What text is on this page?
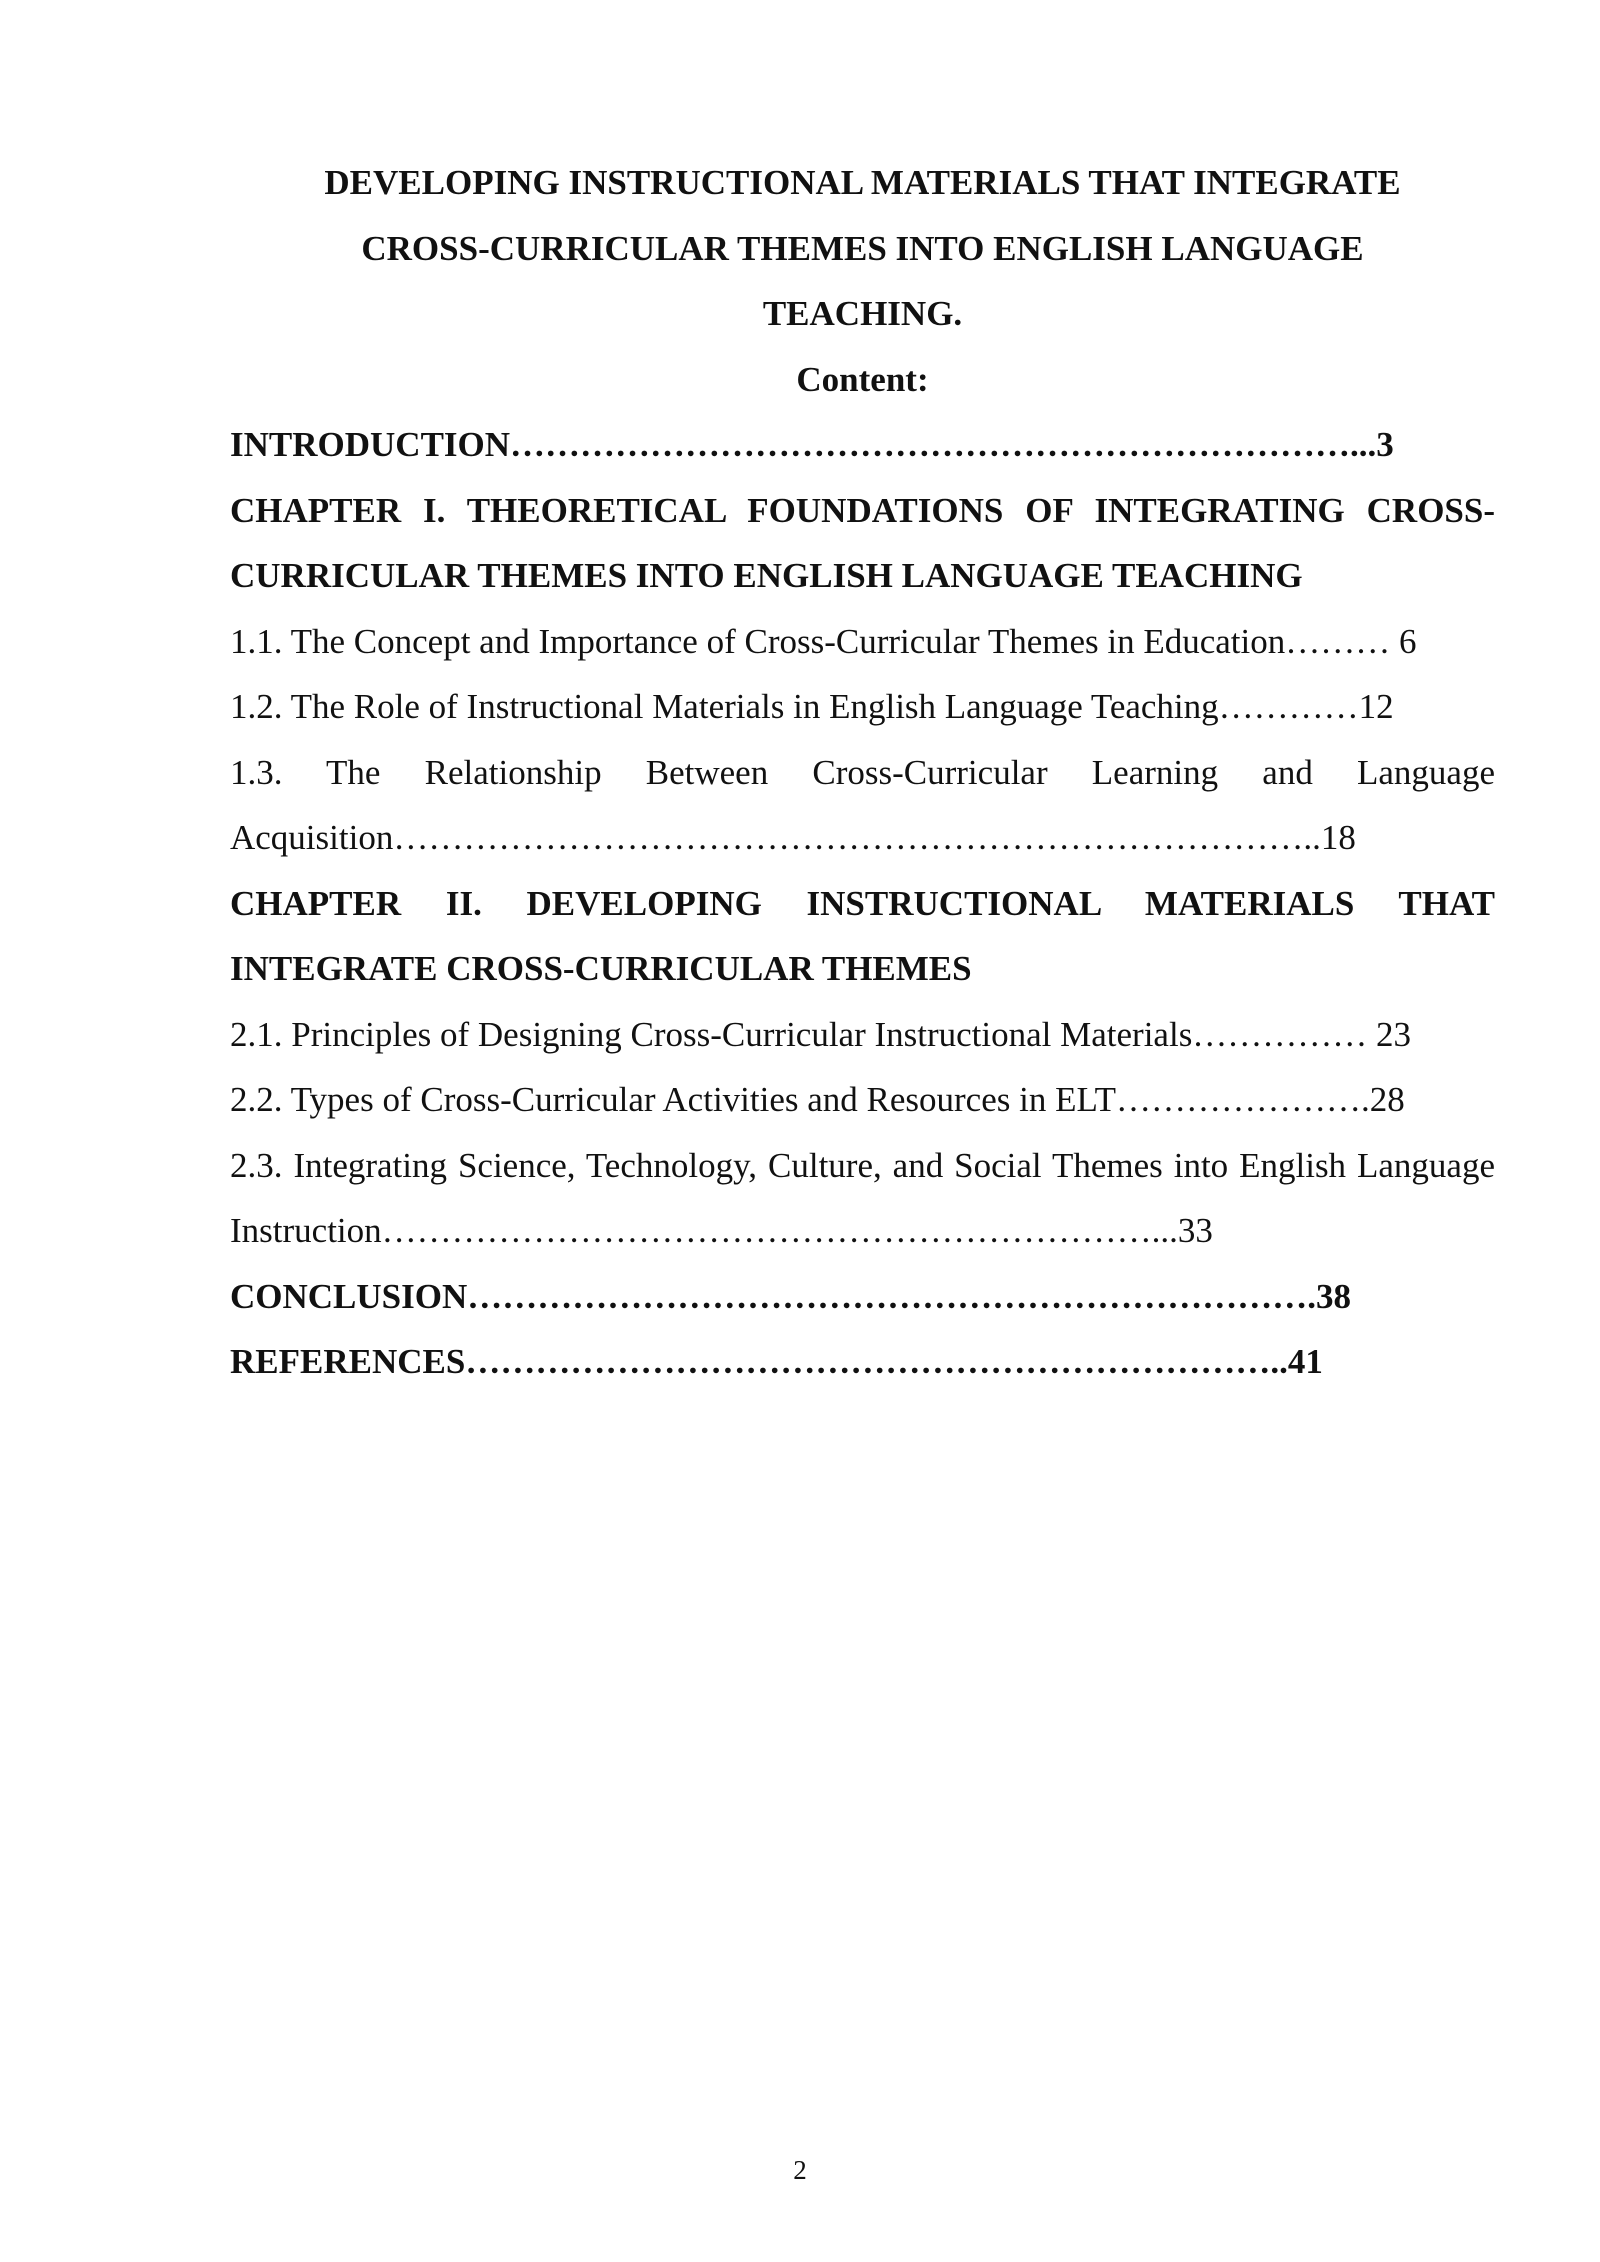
DEVELOPING INSTRUCTIONAL MATERIALS THAT INTEGRATE

CROSS-CURRICULAR THEMES INTO ENGLISH LANGUAGE

TEACHING.

Content:

INTRODUCTION………………………………………………………………...3

CHAPTER I. THEORETICAL FOUNDATIONS OF INTEGRATING CROSS-CURRICULAR THEMES INTO ENGLISH LANGUAGE TEACHING

1.1. The Concept and Importance of Cross-Curricular Themes in Education……… 6

1.2. The Role of Instructional Materials in English Language Teaching…………12

1.3. The Relationship Between Cross-Curricular Learning and Language Acquisition……………………………………………………………………..18

CHAPTER II. DEVELOPING INSTRUCTIONAL MATERIALS THAT INTEGRATE CROSS-CURRICULAR THEMES

2.1. Principles of Designing Cross-Curricular Instructional Materials…………… 23

2.2. Types of Cross-Curricular Activities and Resources in ELT………………….28

2.3. Integrating Science, Technology, Culture, and Social Themes into English Language Instruction…………………………………………………………...33

CONCLUSION……………………………………………………………….38

REFERENCES……………………………………………………………..41

2
